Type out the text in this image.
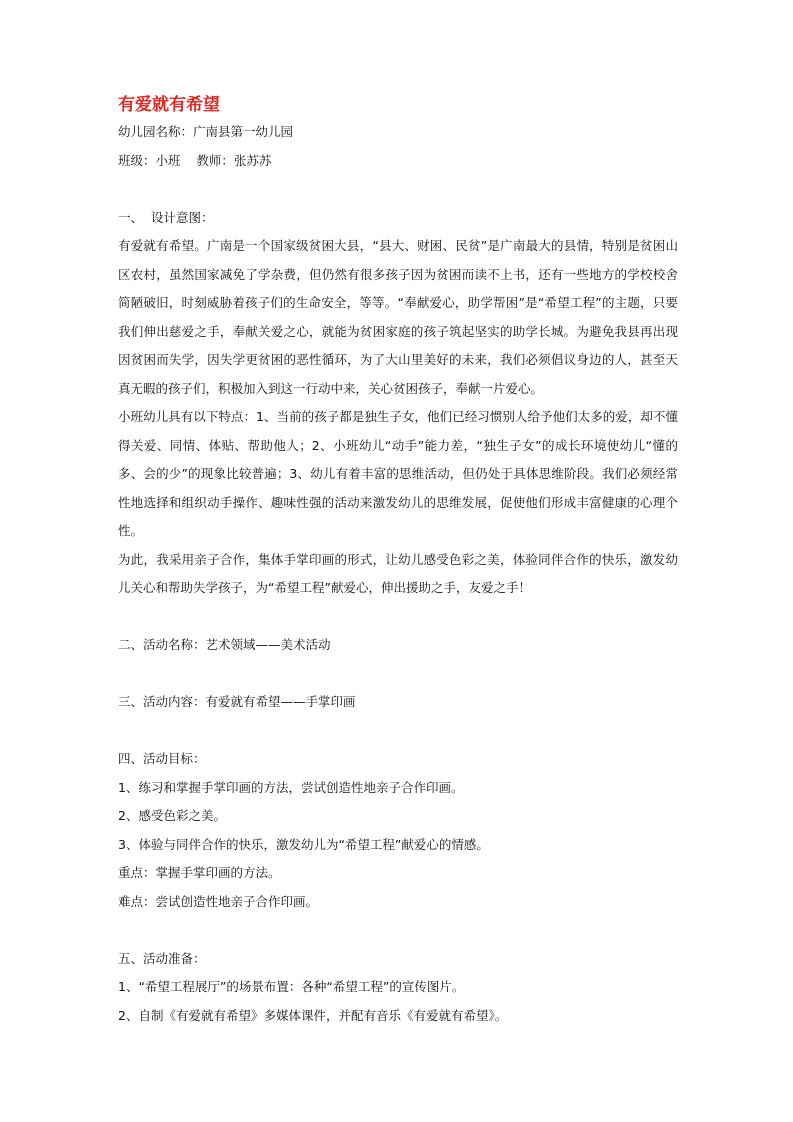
有爱就有希望

幼儿园名称：广南县第一幼儿园

班级：小班    教师：张苏苏

一、  设计意图：

有爱就有希望。广南是一个国家级贫困大县，“县大、财困、民贫”是广南最大的县情，特别是贫困山区农村，虽然国家减免了学杂费，但仍然有很多孩子因为贫困而读不上书，还有一些地方的学校校舍简陋破旧，时刻威胁着孩子们的生命安全，等等。“奉献爱心，助学帮困”是“希望工程”的主题，只要我们伸出慈爱之手，奉献关爱之心，就能为贫困家庭的孩子筑起坚实的助学长城。为避免我县再出现因贫困而失学，因失学更贫困的恶性循环，为了大山里美好的未来，我们必须倡议身边的人，甚至天真无暇的孩子们，积极加入到这一行动中来，关心贫困孩子，奉献一片爱心。

小班幼儿具有以下特点：1、当前的孩子都是独生子女，他们已经习惯别人给予他们太多的爱，却不懂得关爱、同情、体贴、帮助他人；2、小班幼儿“动手”能力差，“独生子女”的成长环境使幼儿“懂的多、会的少”的现象比较普遍；3、幼儿有着丰富的思维活动，但仍处于具体思维阶段。我们必须经常性地选择和组织动手操作、趣味性强的活动来激发幼儿的思维发展，促使他们形成丰富健康的心理个性。

为此，我采用亲子合作，集体手掌印画的形式，让幼儿感受色彩之美，体验同伴合作的快乐，激发幼儿关心和帮助失学孩子，为“希望工程”献爱心，伸出援助之手，友爱之手！

二、活动名称：艺术领域——美术活动

三、活动内容：有爱就有希望——手掌印画

四、活动目标：

1、练习和掌握手掌印画的方法，尝试创造性地亲子合作印画。

2、感受色彩之美。

3、体验与同伴合作的快乐，激发幼儿为“希望工程”献爱心的情感。

重点：掌握手掌印画的方法。

难点：尝试创造性地亲子合作印画。

五、活动准备：

1、“希望工程展厅”的场景布置：各种“希望工程”的宣传图片。

2、自制《有爱就有希望》多媒体课件，并配有音乐《有爱就有希望》。
